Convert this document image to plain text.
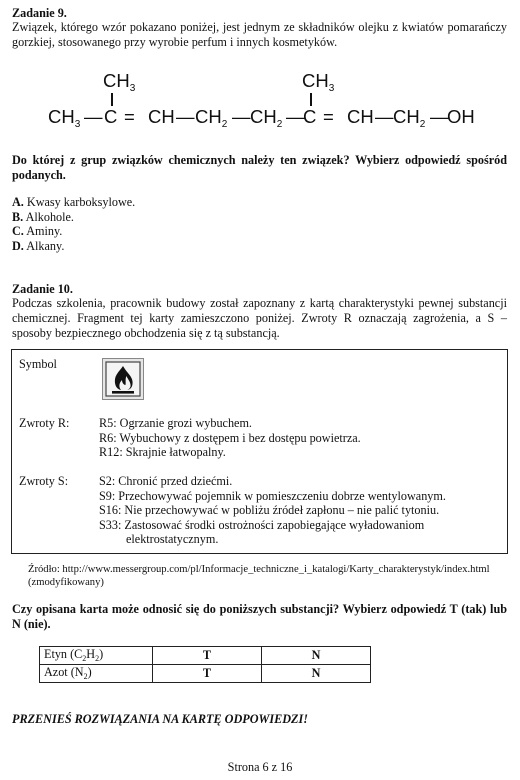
Zadanie 9.
Związek, którego wzór pokazano poniżej, jest jednym ze składników olejku z kwiatów pomarańczy gorzkiej, stosowanego przy wyrobie perfum i innych kosmetyków.
$CH_3$	$CH_3$
$CH_3$ — C = CH — $CH_2$ — $CH_2$ —
C = CH — $CH_2$ —
OH
Do której z grup związków chemicznych należy ten związek? Wybierz odpowiedź spośród podanych.
A. Kwasy karboksylowe.
B. Alkohole.
C. Aminy.
D. Alkany.
Zadanie 10.
Podczas szkolenia, pracownik budowy został zapoznany z kartą charakterystyki pewnej substancji chemicznej. Fragment tej karty zamieszczono poniżej. Zwroty R oznaczają zagrożenia, a S – sposoby bezpiecznego obchodzenia się z tą substancją.
Symbol
Zwroty R: R5: Ogrzanie grozi wybuchem.
R6: Wybuchowy z dostępem i bez dostępu powietrza.
R12: Skrajnie łatwopalny.
Zwroty S:	S2: Chronić przed dziećmi.
S9: Przechowywać pojemnik w pomieszczeniu dobrze wentylowanym.
S16: Nie przechowywać w pobliżu źródeł zapłonu – nie palić tytoniu.
S33: Zastosować środki ostrożności zapobiegające wyładowaniom
elektrostatycznym.
Źródło: http://www.messergroup.com/pl/Informacje_techniczne_i_katalogi/Karty_charakterystyk/index.html
(zmodyfikowany)
Czy opisana karta może odnosić się do poniższych substancji? Wybierz odpowiedź T (tak) lub N (nie).
Etyn $(C_2H_2)$	T	N
Azot $(N_2)$	T	N
PRZENIEŚ ROZWIĄZANIA NA KARTĘ ODPOWIEDZI!
Strona 6 z 16
